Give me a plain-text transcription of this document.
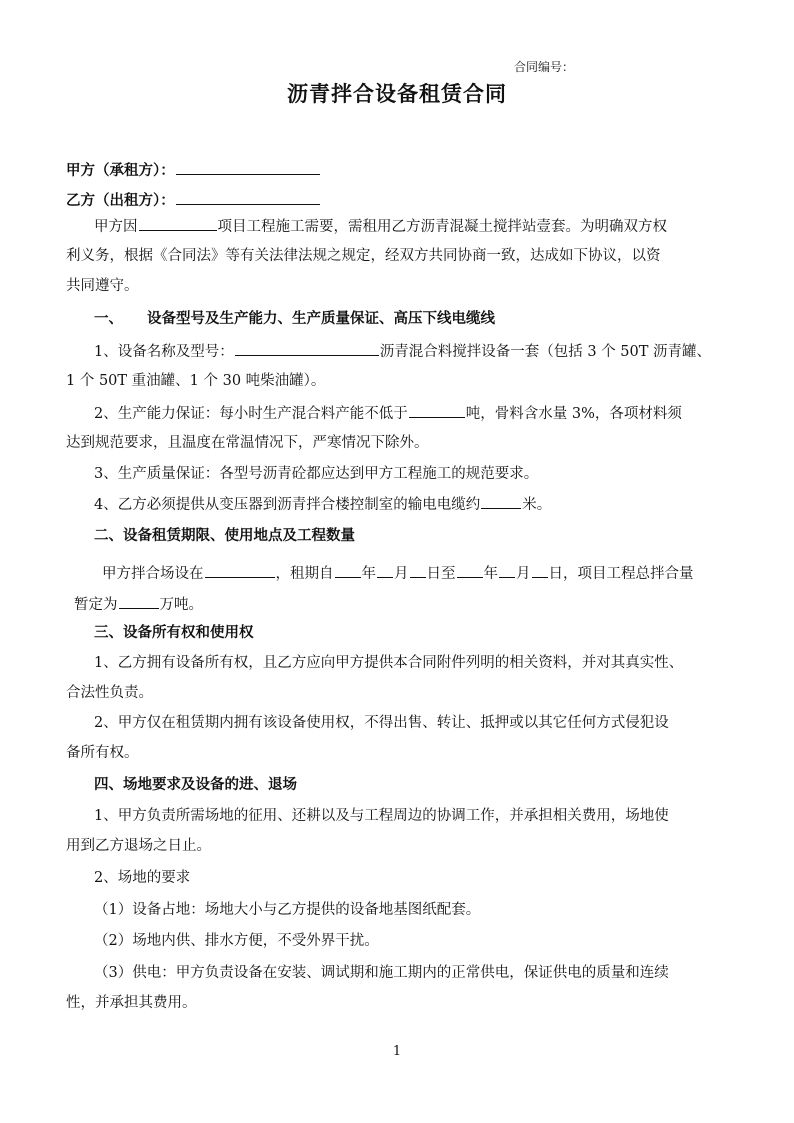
合同编号：
沥青拌合设备租赁合同
甲方（承租方）：
乙方（出租方）：
甲方因	项目工程施工需要，需租用乙方沥青混凝土搅拌站壹套。为明确双方权
利义务，根据《合同法》等有关法律法规之规定，经双方共同协商一致，达成如下协议，以资
共同遵守。
一、 设备型号及生产能力、生产质量保证、高压下线电缆线
1、设备名称及型号：	沥青混合料搅拌设备一套（包括 3 个 50T 沥青罐、
1 个 50T 重油罐、1 个 30 吨柴油罐）。
2、生产能力保证：每小时生产混合料产能不低于	吨，骨料含水量 3%，各项材料须
达到规范要求，且温度在常温情况下，严寒情况下除外。
3、生产质量保证：各型号沥青砼都应达到甲方工程施工的规范要求。
4、乙方必须提供从变压器到沥青拌合楼控制室的输电电缆约	米。
二、设备租赁期限、使用地点及工程数量
甲方拌合场设在	，租期自 年 月 日至 年 月 日，项目工程总拌合量
暂定为	万吨。
三、设备所有权和使用权
1、乙方拥有设备所有权，且乙方应向甲方提供本合同附件列明的相关资料，并对其真实性、
合法性负责。
2、甲方仅在租赁期内拥有该设备使用权，不得出售、转让、抵押或以其它任何方式侵犯设
备所有权。
四、场地要求及设备的进、退场
1、甲方负责所需场地的征用、还耕以及与工程周边的协调工作，并承担相关费用，场地使
用到乙方退场之日止。
2、场地的要求
（1）设备占地：场地大小与乙方提供的设备地基图纸配套。
（2）场地内供、排水方便，不受外界干扰。
（3）供电：甲方负责设备在安装、调试期和施工期内的正常供电，保证供电的质量和连续
性，并承担其费用。
1
